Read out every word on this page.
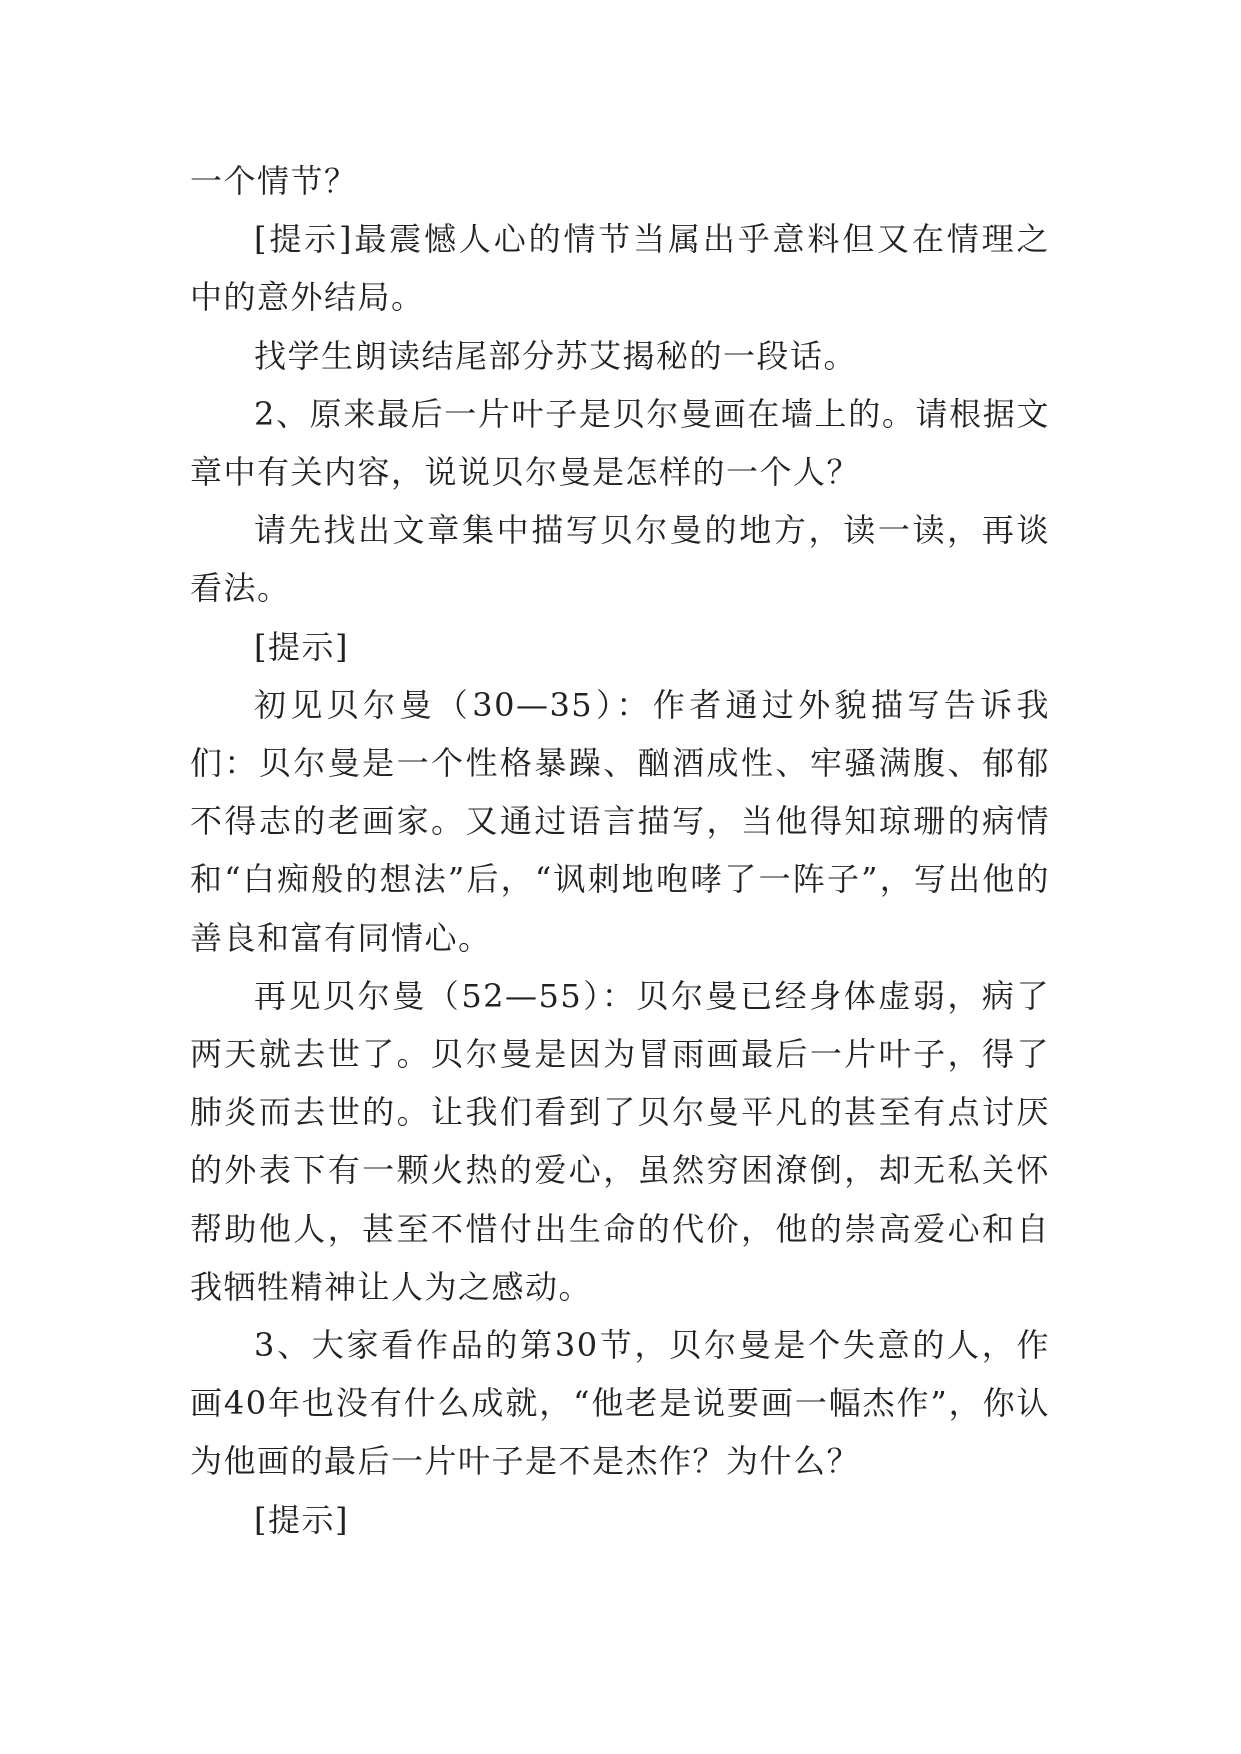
一个情节？

[提示]最震憾人心的情节当属出乎意料但又在情理之中的意外结局。

找学生朗读结尾部分苏艾揭秘的一段话。

2、原来最后一片叶子是贝尔曼画在墙上的。请根据文章中有关内容，说说贝尔曼是怎样的一个人？

请先找出文章集中描写贝尔曼的地方，读一读，再谈看法。

[提示]

初见贝尔曼（30—35）：作者通过外貌描写告诉我们：贝尔曼是一个性格暴躁、酗酒成性、牢骚满腹、郁郁不得志的老画家。又通过语言描写，当他得知琼珊的病情和“白痴般的想法”后，“讽刺地咆哮了一阵子”，写出他的善良和富有同情心。

再见贝尔曼（52—55）：贝尔曼已经身体虚弱，病了两天就去世了。贝尔曼是因为冒雨画最后一片叶子，得了肺炎而去世的。让我们看到了贝尔曼平凡的甚至有点讨厌的外表下有一颗火热的爱心，虽然穷困潦倒，却无私关怀帮助他人，甚至不惜付出生命的代价，他的崇高爱心和自我牺牲精神让人为之感动。

3、大家看作品的第30节，贝尔曼是个失意的人，作画40年也没有什么成就，“他老是说要画一幅杰作”，你认为他画的最后一片叶子是不是杰作？为什么？

[提示]
